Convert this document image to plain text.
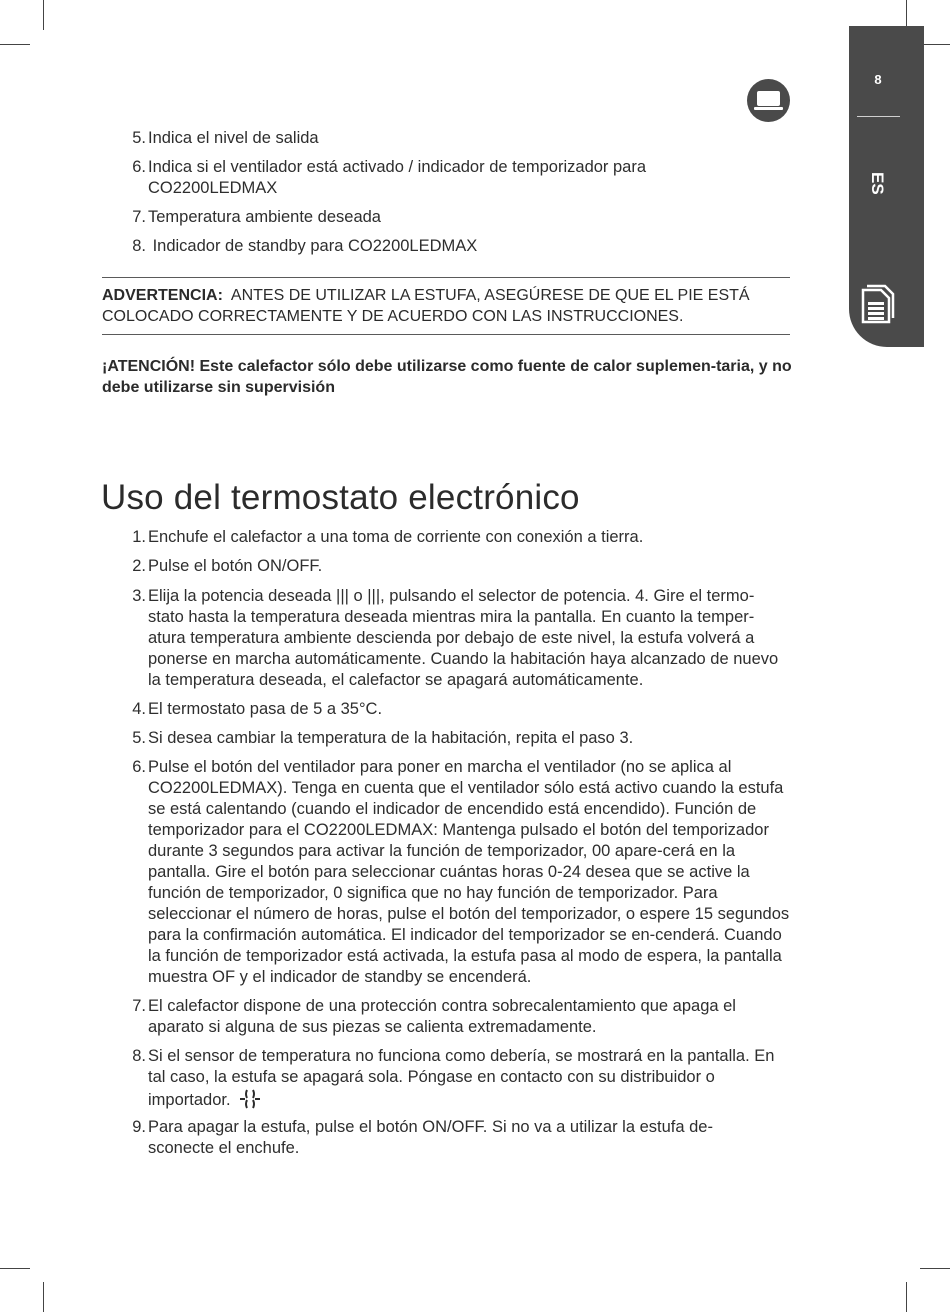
8
ES
5. Indica el nivel de salida
6. Indica si el ventilador está activado / indicador de temporizador para CO2200LEDMAX
7. Temperatura ambiente deseada
8. Indicador de standby para CO2200LEDMAX
ADVERTENCIA: ANTES DE UTILIZAR LA ESTUFA, ASEGÚRESE DE QUE EL PIE ESTÁ COLOCADO CORRECTAMENTE Y DE ACUERDO CON LAS INSTRUCCIONES.
¡ATENCIÓN! Este calefactor sólo debe utilizarse como fuente de calor suplemen-taria, y no debe utilizarse sin supervisión
Uso del termostato electrónico
1. Enchufe el calefactor a una toma de corriente con conexión a tierra.
2. Pulse el botón ON/OFF.
3. Elija la potencia deseada ||| o |||, pulsando el selector de potencia. 4. Gire el termo-stato hasta la temperatura deseada mientras mira la pantalla. En cuanto la temper-atura temperatura ambiente descienda por debajo de este nivel, la estufa volverá a ponerse en marcha automáticamente. Cuando la habitación haya alcanzado de nuevo la temperatura deseada, el calefactor se apagará automáticamente.
4. El termostato pasa de 5 a 35°C.
5. Si desea cambiar la temperatura de la habitación, repita el paso 3.
6. Pulse el botón del ventilador para poner en marcha el ventilador (no se aplica al CO2200LEDMAX). Tenga en cuenta que el ventilador sólo está activo cuando la estufa se está calentando (cuando el indicador de encendido está encendido). Función de temporizador para el CO2200LEDMAX: Mantenga pulsado el botón del temporizador durante 3 segundos para activar la función de temporizador, 00 apare-cerá en la pantalla. Gire el botón para seleccionar cuántas horas 0-24 desea que se active la función de temporizador, 0 significa que no hay función de temporizador. Para seleccionar el número de horas, pulse el botón del temporizador, o espere 15 segundos para la confirmación automática. El indicador del temporizador se en-cenderá. Cuando la función de temporizador está activada, la estufa pasa al modo de espera, la pantalla muestra OF y el indicador de standby se encenderá.
7. El calefactor dispone de una protección contra sobrecalentamiento que apaga el aparato si alguna de sus piezas se calienta extremadamente.
8. Si el sensor de temperatura no funciona como debería, se mostrará en la pantalla. En tal caso, la estufa se apagará sola. Póngase en contacto con su distribuidor o importador.
9. Para apagar la estufa, pulse el botón ON/OFF. Si no va a utilizar la estufa de-sconecte el enchufe.
